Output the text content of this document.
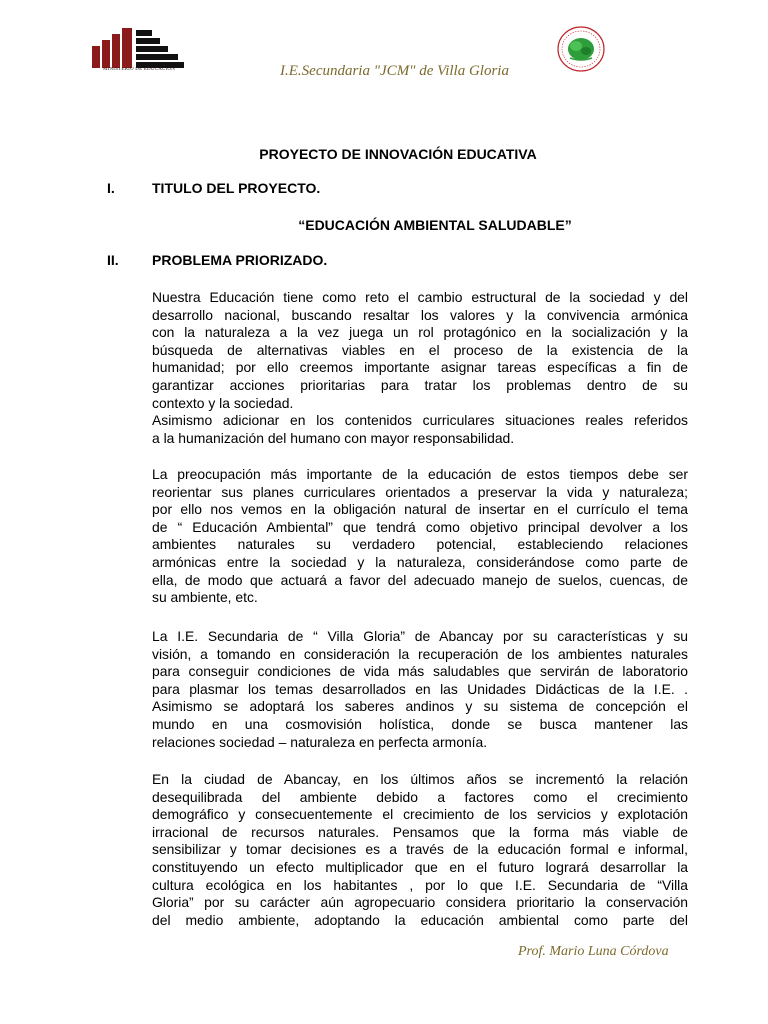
MINISTERIO DE EDUCACIÓN	I.E.Secundaria "JCM" de Villa Gloria
PROYECTO DE INNOVACIÓN EDUCATIVA
I.	TITULO DEL PROYECTO.
“EDUCACIÓN AMBIENTAL SALUDABLE”
II. PROBLEMA PRIORIZADO.
Nuestra Educación tiene como reto el cambio estructural de la sociedad y del
desarrollo nacional, buscando resaltar los valores y la convivencia armónica
con la naturaleza a la vez juega un rol protagónico en la socialización y la
búsqueda de alternativas viables en el proceso de la existencia de la
humanidad; por ello creemos importante asignar tareas específicas a fin de
garantizar acciones prioritarias para tratar los problemas dentro de su
contexto y la sociedad.
Asimismo adicionar en los contenidos curriculares situaciones reales referidos
a la humanización del humano con mayor responsabilidad.
La preocupación más importante de la educación de estos tiempos debe ser
reorientar sus planes curriculares orientados a preservar la vida y naturaleza;
por ello nos vemos en la obligación natural de insertar en el currículo el tema
de “ Educación Ambiental” que tendrá como objetivo principal devolver a los
ambientes naturales su verdadero potencial, estableciendo relaciones
armónicas entre la sociedad y la naturaleza, considerándose como parte de
ella, de modo que actuará a favor del adecuado manejo de suelos, cuencas, de
su ambiente, etc.
La I.E. Secundaria de “ Villa Gloria” de Abancay por su características y su
visión, a tomando en consideración la recuperación de los ambientes naturales
para conseguir condiciones de vida más saludables que servirán de laboratorio
para plasmar los temas desarrollados en las Unidades Didácticas de la I.E. .
Asimismo se adoptará los saberes andinos y su sistema de concepción el
mundo en una cosmovisión holística, donde se busca mantener las
relaciones sociedad – naturaleza en perfecta armonía.
En la ciudad de Abancay, en los últimos años se incrementó la relación
desequilibrada del ambiente debido a factores como el crecimiento
demográfico y consecuentemente el crecimiento de los servicios y explotación
irracional de recursos naturales. Pensamos que la forma más viable de
sensibilizar y tomar decisiones es a través de la educación formal e informal,
constituyendo un efecto multiplicador que en el futuro logrará desarrollar la
cultura ecológica en los habitantes , por lo que I.E. Secundaria de “Villa
Gloria” por su carácter aún agropecuario considera prioritario la conservación
del medio ambiente, adoptando la educación ambiental como parte del
Prof. Mario Luna Córdova
